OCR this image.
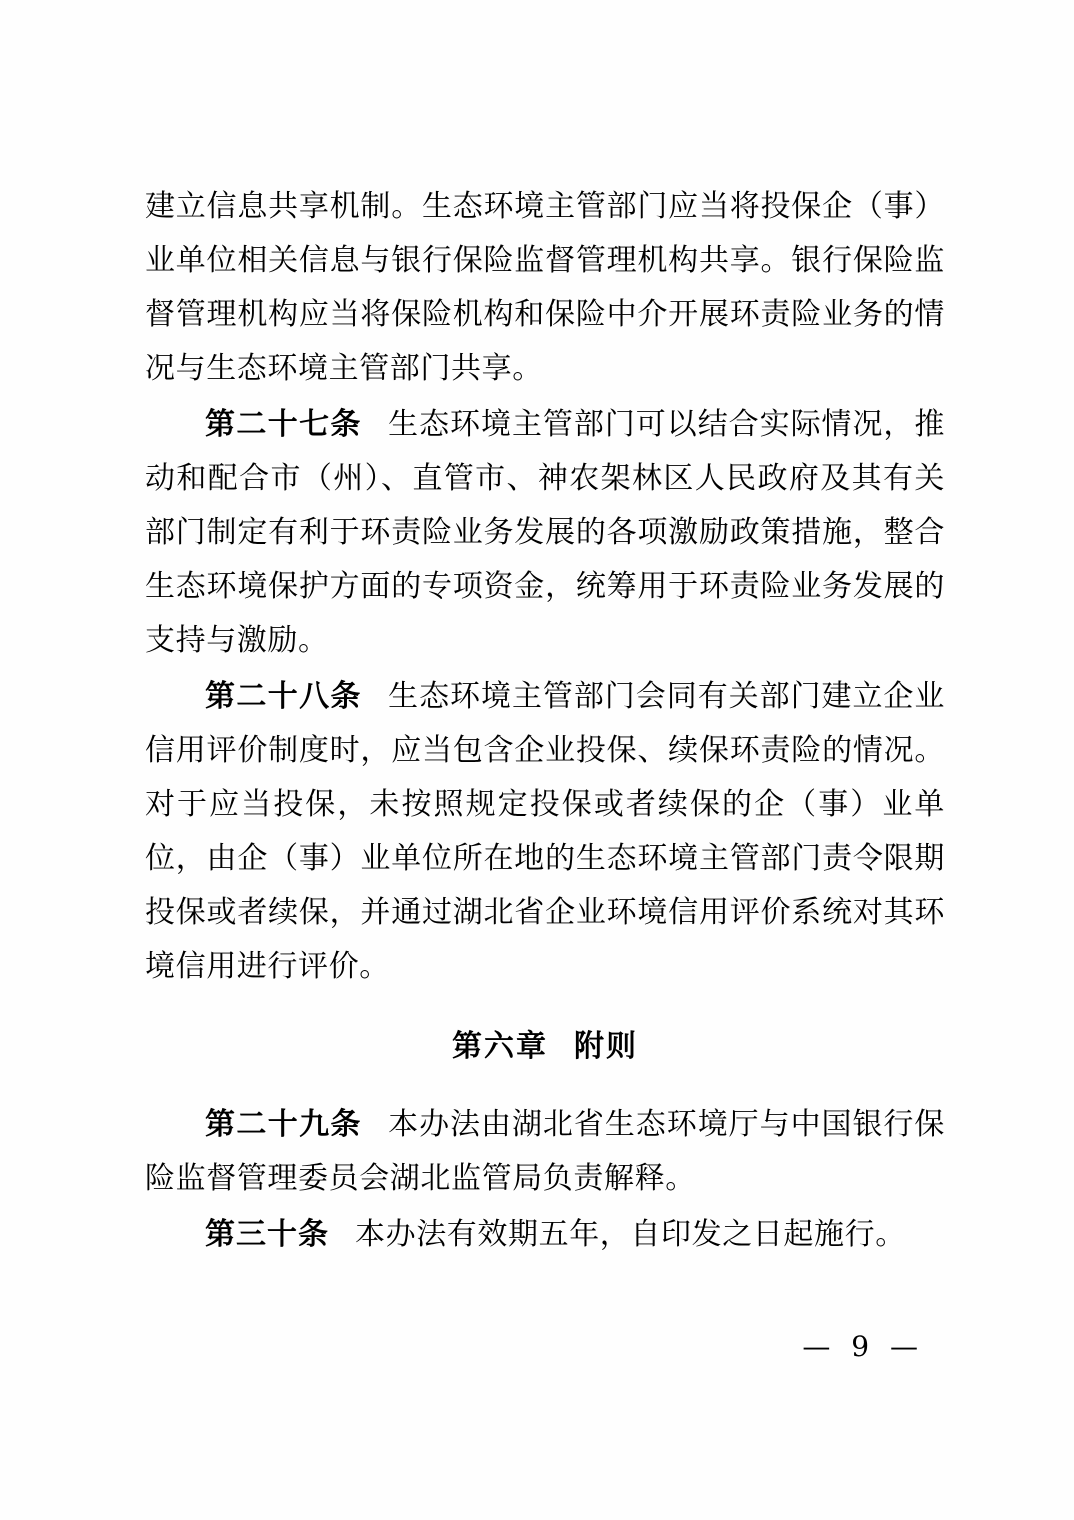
建立信息共享机制。生态环境主管部门应当将投保企（事）业单位相关信息与银行保险监督管理机构共享。银行保险监督管理机构应当将保险机构和保险中介开展环责险业务的情况与生态环境主管部门共享。

第二十七条 生态环境主管部门可以结合实际情况，推动和配合市（州）、直管市、神农架林区人民政府及其有关部门制定有利于环责险业务发展的各项激励政策措施，整合生态环境保护方面的专项资金，统筹用于环责险业务发展的支持与激励。

第二十八条 生态环境主管部门会同有关部门建立企业信用评价制度时，应当包含企业投保、续保环责险的情况。对于应当投保，未按照规定投保或者续保的企（事）业单位，由企（事）业单位所在地的生态环境主管部门责令限期投保或者续保，并通过湖北省企业环境信用评价系统对其环境信用进行评价。

第六章 附则

第二十九条 本办法由湖北省生态环境厅与中国银行保险监督管理委员会湖北监管局负责解释。

第三十条 本办法有效期五年，自印发之日起施行。

— 9 —
